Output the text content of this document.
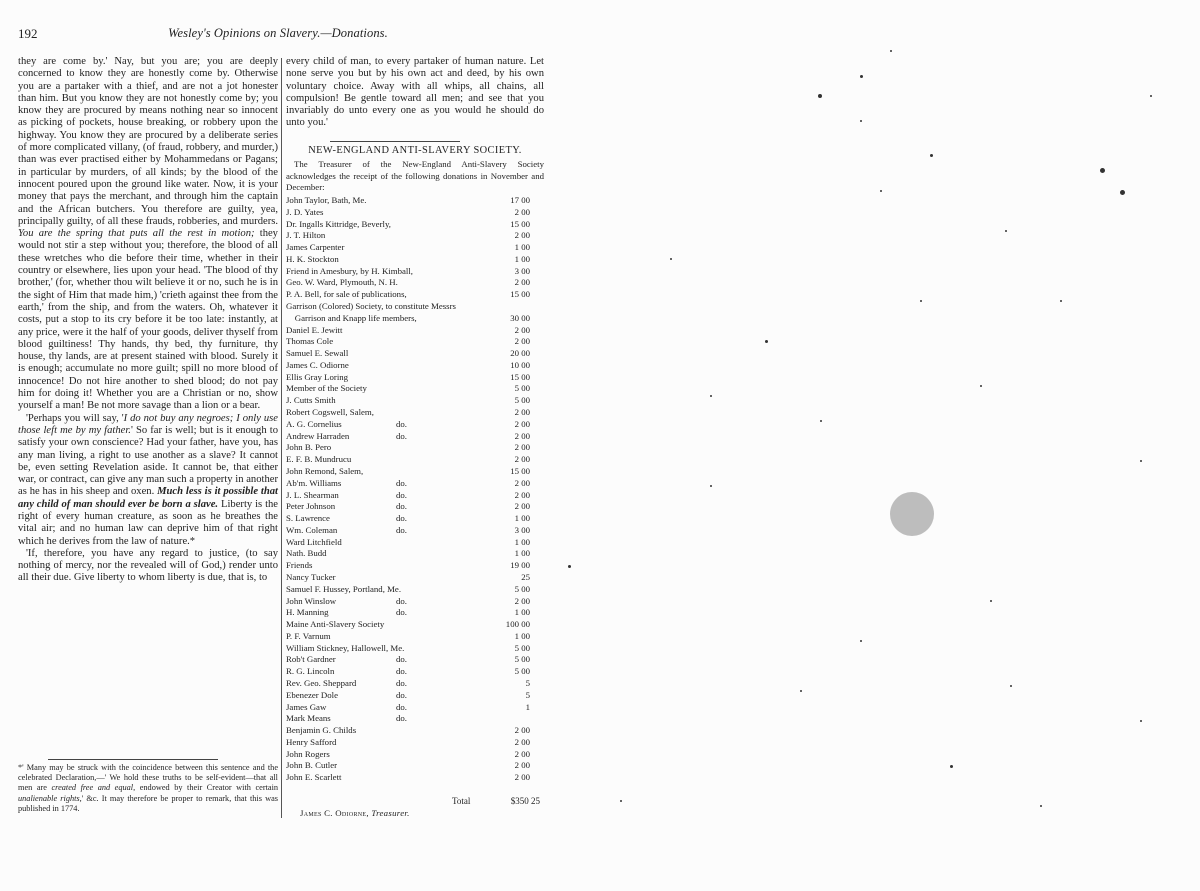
192	Wesley's Opinions on Slavery.—Donations.

they are come by.' Nay, but you are; you are deeply concerned to know they are honestly come by. Otherwise you are a partaker with a thief, and are not a jot honester than him. But you know they are not honestly come by; you know they are procured by means nothing near so innocent as picking of pockets, house breaking, or robbery upon the highway. You know they are procured by a deliberate series of more complicated villany, (of fraud, robbery, and murder,) than was ever practised either by Mohammedans or Pagans; in particular by murders, of all kinds; by the blood of the innocent poured upon the ground like water. Now, it is your money that pays the merchant, and through him the captain and the African butchers. You therefore are guilty, yea, principally guilty, of all these frauds, robberies, and murders. You are the spring that puts all the rest in motion; they would not stir a step without you; therefore, the blood of all these wretches who die before their time, whether in their country or elsewhere, lies upon your head. 'The blood of thy brother,' (for, whether thou wilt believe it or no, such he is in the sight of Him that made him,) 'crieth against thee from the earth,' from the ship, and from the waters. Oh, whatever it costs, put a stop to its cry before it be too late: instantly, at any price, were it the half of your goods, deliver thyself from blood guiltiness! Thy hands, thy bed, thy furniture, thy house, thy lands, are at present stained with blood. Surely it is enough; accumulate no more guilt; spill no more blood of innocence! Do not hire another to shed blood; do not pay him for doing it! Whether you are a Christian or no, show yourself a man! Be not more savage than a lion or a bear.

'Perhaps you will say, 'I do not buy any negroes; I only use those left me by my father.' So far is well; but is it enough to satisfy your own conscience? Had your father, have you, has any man living, a right to use another as a slave? It cannot be, even setting Revelation aside. It cannot be, that either war, or contract, can give any man such a property in another as he has in his sheep and oxen. Much less is it possible that any child of man should ever be born a slave. Liberty is the right of every human creature, as soon as he breathes the vital air; and no human law can deprive him of that right which he derives from the law of nature.*

'If, therefore, you have any regard to justice, (to say nothing of mercy, nor the revealed will of God,) render unto all their due. Give liberty to whom liberty is due, that is, to

*' Many may be struck with the coincidence between this sentence and the celebrated Declaration,—' We hold these truths to be self-evident—that all men are created free and equal, endowed by their Creator with certain unalienable rights,' &c. It may therefore be proper to remark, that this was published in 1774.

every child of man, to every partaker of human nature. Let none serve you but by his own act and deed, by his own voluntary choice. Away with all whips, all chains, all compulsion! Be gentle toward all men; and see that you invariably do unto every one as you would he should do unto you.'

NEW-ENGLAND ANTI-SLAVERY SOCIETY.
The Treasurer of the New-England Anti-Slavery Society acknowledges the receipt of the following donations in November and December:
John Taylor, Bath, Me.	17 00
J. D. Yates	2 00
Dr. Ingalls Kittridge, Beverly,	15 00
J. T. Hilton	2 00
James Carpenter	1 00
H. K. Stockton	1 00
Friend in Amesbury, by H. Kimball,	3 00
Geo. W. Ward, Plymouth, N. H.	2 00
P. A. Bell, for sale of publications,	15 00
Garrison (Colored) Society, to constitute Messrs
 Garrison and Knapp life members,	30 00
Daniel E. Jewitt	2 00
Thomas Cole	2 00
Samuel E. Sewall	20 00
James C. Odiorne	10 00
Ellis Gray Loring	15 00
Member of the Society	5 00
J. Cutts Smith	5 00
Robert Cogswell, Salem,	2 00
A. G. Cornelius	do.	2 00
Andrew Harraden	do.	2 00
John B. Pero	2 00
E. F. B. Mundrucu	2 00
John Remond, Salem,	15 00
Ab'm. Williams	do.	2 00
J. L. Shearman	do.	2 00
Peter Johnson	do.	2 00
S. Lawrence	do.	1 00
Wm. Coleman	do.	3 00
Ward Litchfield	1 00
Nath. Budd	1 00
Friends	19 00
Nancy Tucker	25
Samuel F. Hussey, Portland, Me.	5 00
John Winslow	do.	2 00
H. Manning	do.	1 00
Maine Anti-Slavery Society	100 00
P. F. Varnum	1 00
William Stickney, Hallowell, Me.	5 00
Rob't Gardner	do.	5 00
R. G. Lincoln	do.	5 00
Rev. Geo. Sheppard	do.	5
Ebenezer Dole	do.	5
James Gaw	do.	1
Mark Means	do.
Benjamin G. Childs	2 00
Henry Safford	2 00
John Rogers	2 00
John B. Cutler	2 00
John E. Scarlett	2 00
Total	$350 25
James C. Odiorne, Treasurer.
